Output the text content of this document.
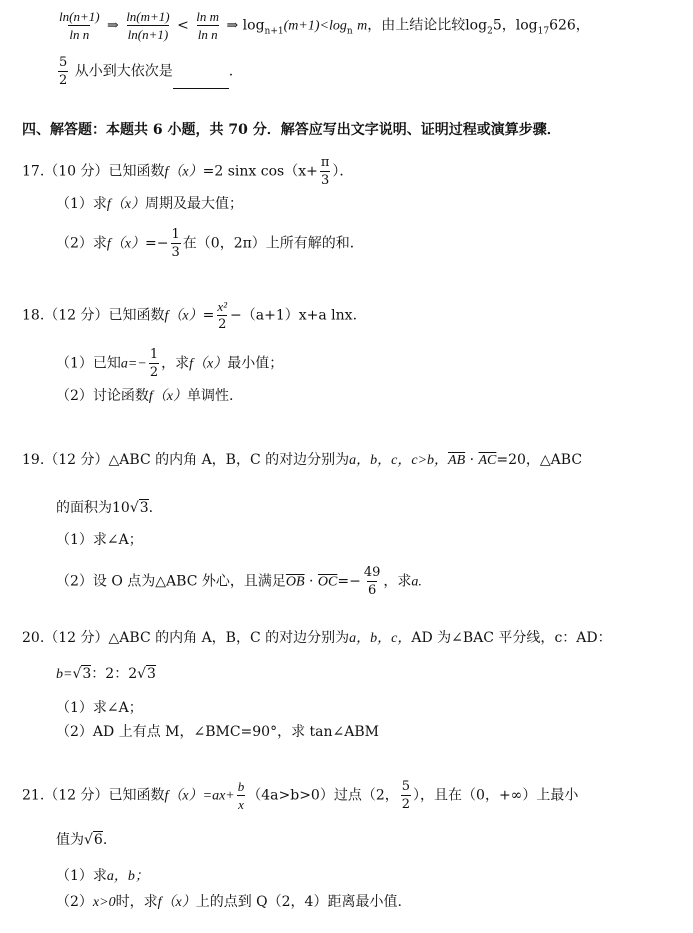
$\frac{\ln(n+1)}{\text{ln n}}$ ⇒ $\frac{\ln(m+1)}{\ln(n+1)} < \frac{\text{ln m}}{\text{ln n}}$ ⇒ $\log_{n+1}(m+1)<\log_n$ m，由上结论比较$\log_25$，$\log_{17}626$，
$\frac{5}{2}$ 从小到大依次是	.
四、解答题：本题共 6 小题，共 70 分．解答应写出文字说明、证明过程或演算步骤．
17.（10 分）已知函数f（x）=2 sinx $\cos(x+ \frac{\pi}{3}$ ）．
（1）求f（x）周期及最大值；
（2）求$f(x)=- \frac{1}{3}$ 在（0，2π）上所有解的和．
18.（12 分）已知函数$f(x)= \frac{\text{x²}}{2} -(a+1)x+a$ lnx.
（1）已知$a=- \frac{1}{2}$ ，求f（x）最小值；
（2）讨论函数f（x）单调性.
19.（12 分）△ABC 的内角 A，B，C 的对边分别为a，b，c，c>b，$\overline{AB} \cdot \overline{AC}=20$，△ABC
的面积为10√3.
（1）求∠A；
（2）设 O 点为△ABC 外心，且满足$\overline{OB} \cdot \overline{OC}=- \frac{49}{6}$ ，求a.
20.（12 分）△ABC 的内角 A，B，C 的对边分别为a，b，c，AD 为∠BAC 平分线，c：AD：
b=√3：2：2√3
（1）求∠A；
（2）AD 上有点 M，∠BMC=90°，求 tan∠ABM
21.（12 分）已知函数$f(x)=ax+ \frac{b}{x} (4a>b>0)$过点（2， $\frac{5}{2}$ ），且在（0，+∞）上最小
值为√6.
（1）求a，b；
（2）x>0时，求f（x）上的点到 Q（2，4）距离最小值.
